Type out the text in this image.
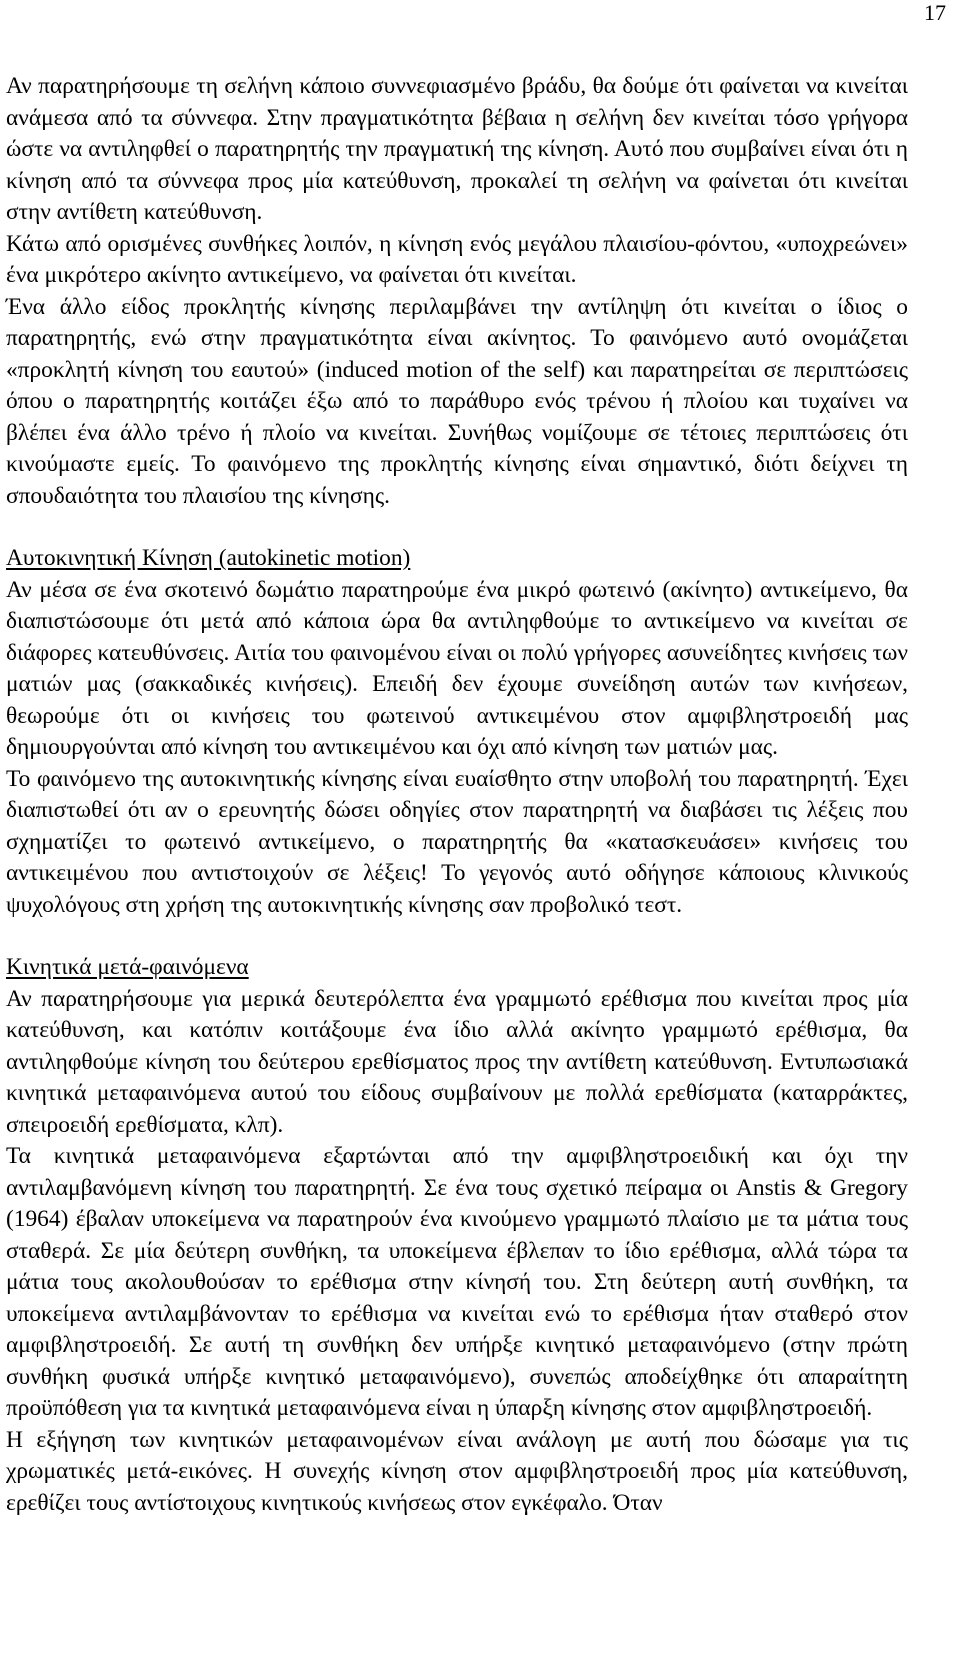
17

Αν παρατηρήσουμε τη σελήνη κάποιο συννεφιασμένο βράδυ, θα δούμε ότι φαίνεται να κινείται ανάμεσα από τα σύννεφα. Στην πραγματικότητα βέβαια η σελήνη δεν κινείται τόσο γρήγορα ώστε να αντιληφθεί ο παρατηρητής την πραγματική της κίνηση. Αυτό που συμβαίνει είναι ότι η κίνηση από τα σύννεφα προς μία κατεύθυνση, προκαλεί τη σελήνη να φαίνεται ότι κινείται στην αντίθετη κατεύθυνση.

Κάτω από ορισμένες συνθήκες λοιπόν, η κίνηση ενός μεγάλου πλαισίου-φόντου, «υποχρεώνει» ένα μικρότερο ακίνητο αντικείμενο, να φαίνεται ότι κινείται.

Ένα άλλο είδος προκλητής κίνησης περιλαμβάνει την αντίληψη ότι κινείται ο ίδιος ο παρατηρητής, ενώ στην πραγματικότητα είναι ακίνητος. Το φαινόμενο αυτό ονομάζεται «προκλητή κίνηση του εαυτού» (induced motion of the self) και παρατηρείται σε περιπτώσεις όπου ο παρατηρητής κοιτάζει έξω από το παράθυρο ενός τρένου ή πλοίου και τυχαίνει να βλέπει ένα άλλο τρένο ή πλοίο να κινείται. Συνήθως νομίζουμε σε τέτοιες περιπτώσεις ότι κινούμαστε εμείς. Το φαινόμενο της προκλητής κίνησης είναι σημαντικό, διότι δείχνει τη σπουδαιότητα του πλαισίου της κίνησης.

Αυτοκινητική Κίνηση (autokinetic motion)

Αν μέσα σε ένα σκοτεινό δωμάτιο παρατηρούμε ένα μικρό φωτεινό (ακίνητο) αντικείμενο, θα διαπιστώσουμε ότι μετά από κάποια ώρα θα αντιληφθούμε το αντικείμενο να κινείται σε διάφορες κατευθύνσεις. Αιτία του φαινομένου είναι οι πολύ γρήγορες ασυνείδητες κινήσεις των ματιών μας (σακκαδικές κινήσεις). Επειδή δεν έχουμε συνείδηση αυτών των κινήσεων, θεωρούμε ότι οι κινήσεις του φωτεινού αντικειμένου στον αμφιβληστροειδή μας δημιουργούνται από κίνηση του αντικειμένου και όχι από κίνηση των ματιών μας.

Το φαινόμενο της αυτοκινητικής κίνησης είναι ευαίσθητο στην υποβολή του παρατηρητή. Έχει διαπιστωθεί ότι αν ο ερευνητής δώσει οδηγίες στον παρατηρητή να διαβάσει τις λέξεις που σχηματίζει το φωτεινό αντικείμενο, ο παρατηρητής θα «κατασκευάσει» κινήσεις του αντικειμένου που αντιστοιχούν σε λέξεις! Το γεγονός αυτό οδήγησε κάποιους κλινικούς ψυχολόγους στη χρήση της αυτοκινητικής κίνησης σαν προβολικό τεστ.

Κινητικά μετά-φαινόμενα

Αν παρατηρήσουμε για μερικά δευτερόλεπτα ένα γραμμωτό ερέθισμα που κινείται προς μία κατεύθυνση, και κατόπιν κοιτάξουμε ένα ίδιο αλλά ακίνητο γραμμωτό ερέθισμα, θα αντιληφθούμε κίνηση του δεύτερου ερεθίσματος προς την αντίθετη κατεύθυνση. Εντυπωσιακά κινητικά μεταφαινόμενα αυτού του είδους συμβαίνουν με πολλά ερεθίσματα (καταρράκτες, σπειροειδή ερεθίσματα, κλπ).

Τα κινητικά μεταφαινόμενα εξαρτώνται από την αμφιβληστροειδική και όχι την αντιλαμβανόμενη κίνηση του παρατηρητή. Σε ένα τους σχετικό πείραμα οι Anstis & Gregory (1964) έβαλαν υποκείμενα να παρατηρούν ένα κινούμενο γραμμωτό πλαίσιο με τα μάτια τους σταθερά. Σε μία δεύτερη συνθήκη, τα υποκείμενα έβλεπαν το ίδιο ερέθισμα, αλλά τώρα τα μάτια τους ακολουθούσαν το ερέθισμα στην κίνησή του. Στη δεύτερη αυτή συνθήκη, τα υποκείμενα αντιλαμβάνονταν το ερέθισμα να κινείται ενώ το ερέθισμα ήταν σταθερό στον αμφιβληστροειδή. Σε αυτή τη συνθήκη δεν υπήρξε κινητικό μεταφαινόμενο (στην πρώτη συνθήκη φυσικά υπήρξε κινητικό μεταφαινόμενο), συνεπώς αποδείχθηκε ότι απαραίτητη προϋπόθεση για τα κινητικά μεταφαινόμενα είναι η ύπαρξη κίνησης στον αμφιβληστροειδή.

Η εξήγηση των κινητικών μεταφαινομένων είναι ανάλογη με αυτή που δώσαμε για τις χρωματικές μετά-εικόνες. Η συνεχής κίνηση στον αμφιβληστροειδή προς μία κατεύθυνση, ερεθίζει τους αντίστοιχους κινητικούς κινήσεως στον εγκέφαλο. Όταν
